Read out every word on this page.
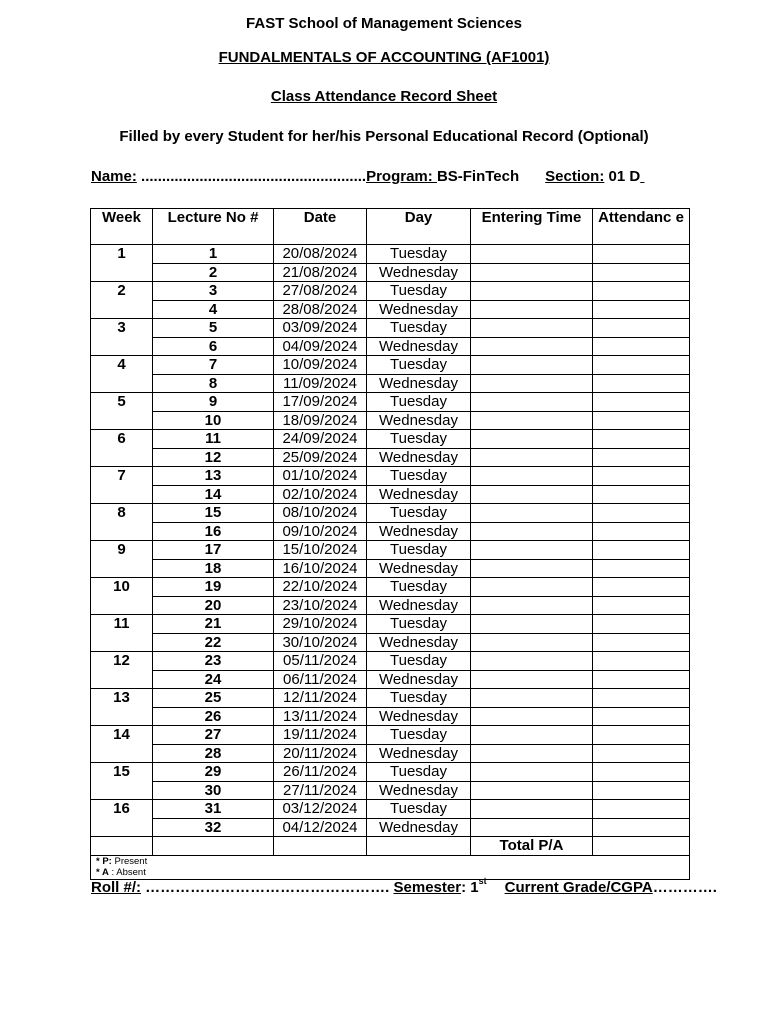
FAST School of Management Sciences
FUNDALMENTALS OF ACCOUNTING (AF1001)
Class Attendance Record Sheet
Filled by every Student for her/his Personal Educational Record (Optional)
Name: ......................................................Program: BS-FinTech Section: 01 D
Week	Lecture No #	Date	Day	Entering Time	Attendanc e
1	1	20/08/2024	Tuesday		
	2	21/08/2024	Wednesday		
2	3	27/08/2024	Tuesday		
	4	28/08/2024	Wednesday		
3	5	03/09/2024	Tuesday		
	6	04/09/2024	Wednesday		
4	7	10/09/2024	Tuesday		
	8	11/09/2024	Wednesday		
5	9	17/09/2024	Tuesday		
	10	18/09/2024	Wednesday		
6	11	24/09/2024	Tuesday		
	12	25/09/2024	Wednesday		
7	13	01/10/2024	Tuesday		
	14	02/10/2024	Wednesday		
8	15	08/10/2024	Tuesday		
	16	09/10/2024	Wednesday		
9	17	15/10/2024	Tuesday		
	18	16/10/2024	Wednesday		
10	19	22/10/2024	Tuesday		
	20	23/10/2024	Wednesday		
11	21	29/10/2024	Tuesday		
	22	30/10/2024	Wednesday		
12	23	05/11/2024	Tuesday		
	24	06/11/2024	Wednesday		
13	25	12/11/2024	Tuesday		
	26	13/11/2024	Wednesday		
14	27	19/11/2024	Tuesday		
	28	20/11/2024	Wednesday		
15	29	26/11/2024	Tuesday		
	30	27/11/2024	Wednesday		
16	31	03/12/2024	Tuesday		
	32	04/12/2024	Wednesday		
				Total P/A	

* P: Present
* A : Absent					
Roll #/: …………………………………………. Semester: 1st Current Grade/CGPA………….
